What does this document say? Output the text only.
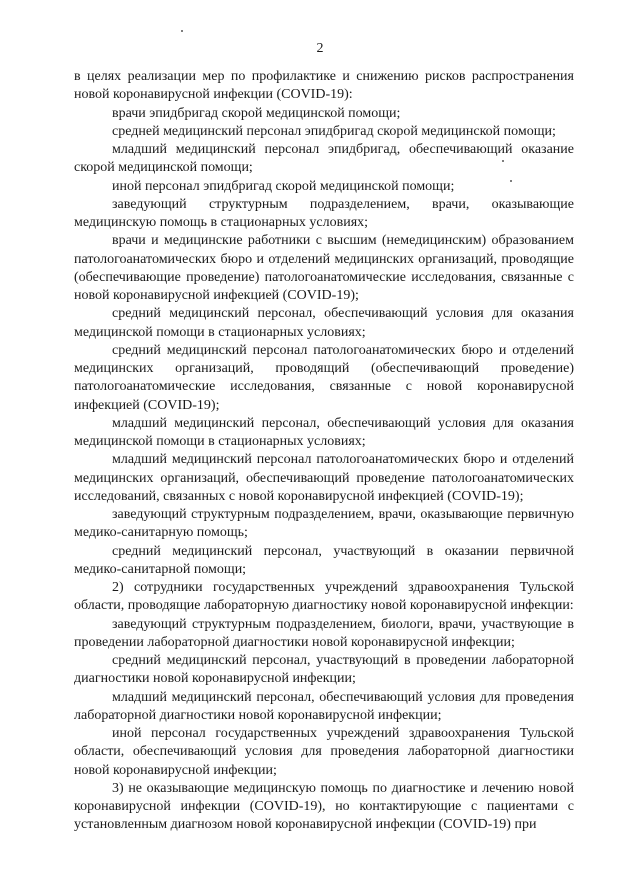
2

в целях реализации мер по профилактике и снижению рисков распространения новой коронавирусной инфекции (COVID-19):

врачи эпидбригад скорой медицинской помощи;

средней медицинский персонал эпидбригад скорой медицинской помощи;

младший медицинский персонал эпидбригад, обеспечивающий оказание скорой медицинской помощи;

иной персонал эпидбригад скорой медицинской помощи;

заведующий структурным подразделением, врачи, оказывающие медицинскую помощь в стационарных условиях;

врачи и медицинские работники с высшим (немедицинским) образованием патологоанатомических бюро и отделений медицинских организаций, проводящие (обеспечивающие проведение) патологоанатомические исследования, связанные с новой коронавирусной инфекцией (COVID-19);

средний медицинский персонал, обеспечивающий условия для оказания медицинской помощи в стационарных условиях;

средний медицинский персонал патологоанатомических бюро и отделений медицинских организаций, проводящий (обеспечивающий проведение) патологоанатомические исследования, связанные с новой коронавирусной инфекцией (COVID-19);

младший медицинский персонал, обеспечивающий условия для оказания медицинской помощи в стационарных условиях;

младший медицинский персонал патологоанатомических бюро и отделений медицинских организаций, обеспечивающий проведение патологоанатомических исследований, связанных с новой коронавирусной инфекцией (COVID-19);

заведующий структурным подразделением, врачи, оказывающие первичную медико-санитарную помощь;

средний медицинский персонал, участвующий в оказании первичной медико-санитарной помощи;

2) сотрудники государственных учреждений здравоохранения Тульской области, проводящие лабораторную диагностику новой коронавирусной инфекции:

заведующий структурным подразделением, биологи, врачи, участвующие в проведении лабораторной диагностики новой коронавирусной инфекции;

средний медицинский персонал, участвующий в проведении лабораторной диагностики новой коронавирусной инфекции;

младший медицинский персонал, обеспечивающий условия для проведения лабораторной диагностики новой коронавирусной инфекции;

иной персонал государственных учреждений здравоохранения Тульской области, обеспечивающий условия для проведения лабораторной диагностики новой коронавирусной инфекции;

3) не оказывающие медицинскую помощь по диагностике и лечению новой коронавирусной инфекции (COVID-19), но контактирующие с пациентами с установленным диагнозом новой коронавирусной инфекции (COVID-19) при
